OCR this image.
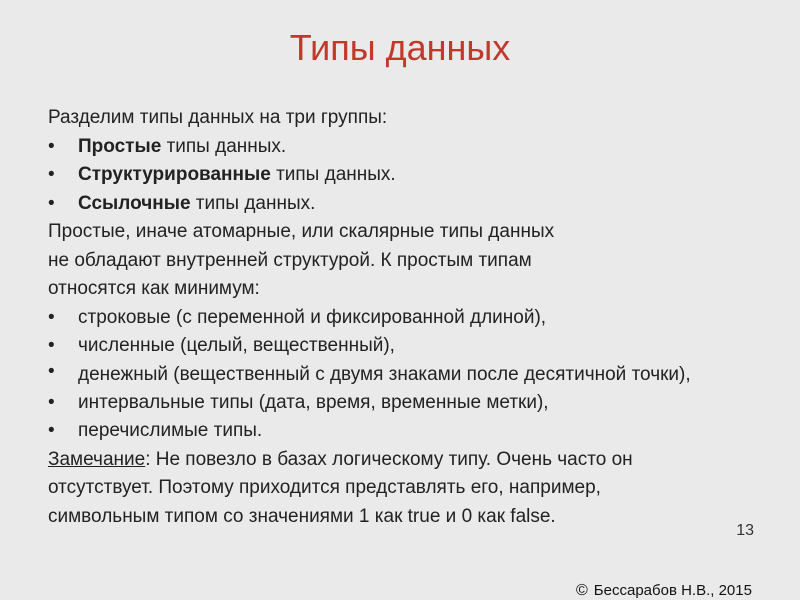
Типы данных
Разделим типы данных на три группы:
• Простые типы данных.
• Структурированные типы данных.
• Ссылочные типы данных.
Простые, иначе атомарные, или скалярные типы данных
не обладают внутренней структурой. К простым типам
относятся как минимум:
• строковые (с переменной и фиксированной длиной),
• численные (целый, вещественный),
• денежный (вещественный с двумя знаками после десятичной точки),
• интервальные типы (дата, время, временные метки),
• перечислимые типы.
Замечание: Не повезло в базах логическому типу. Очень часто он
отсутствует. Поэтому приходится представлять его, например,
символьным типом со значениями 1 как true и 0 как false.
13
© Бессарабов Н.В., 2015
